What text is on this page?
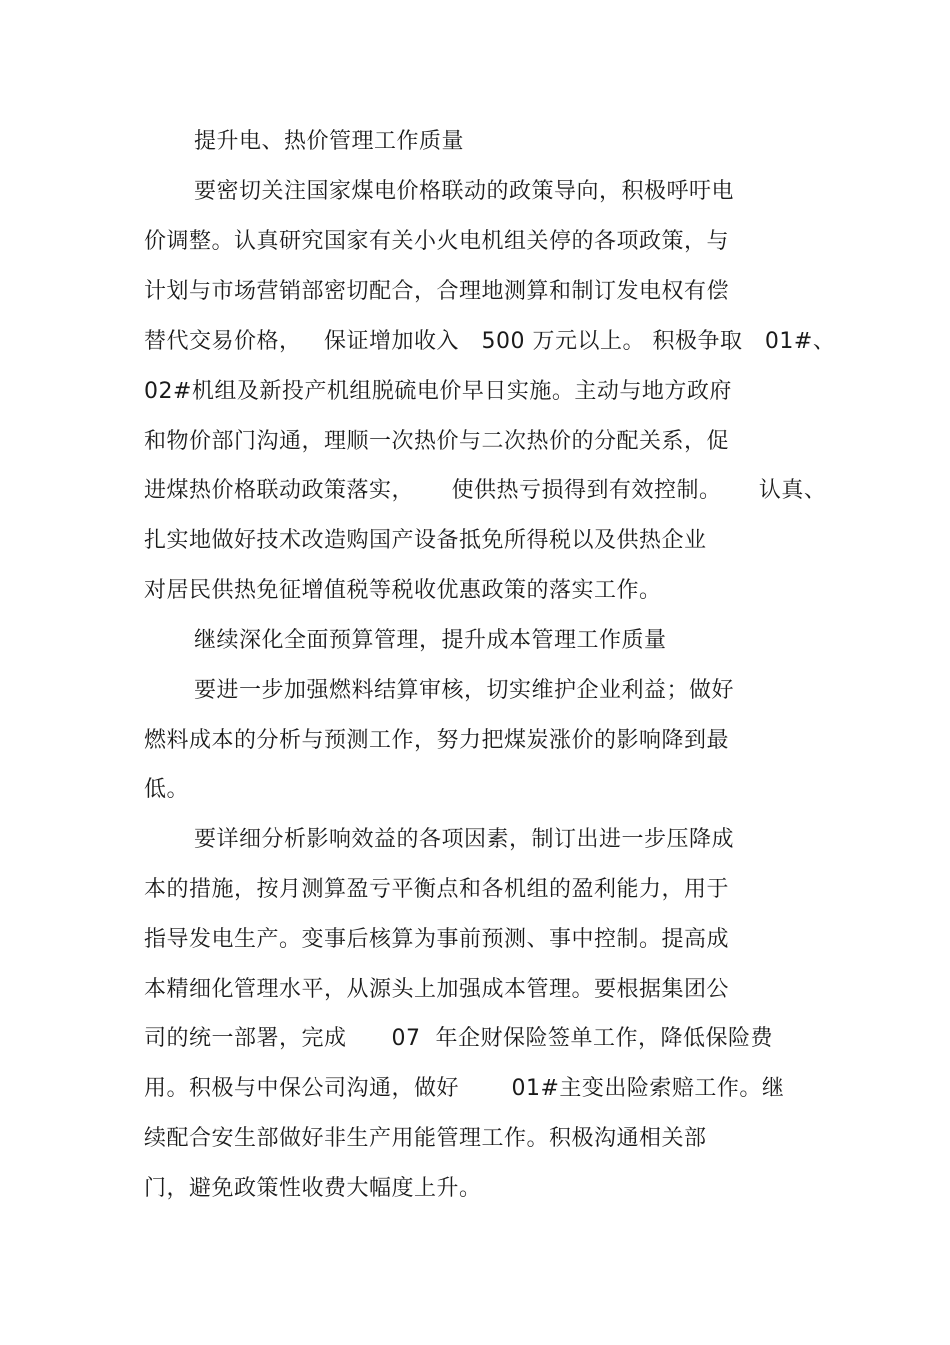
提升电、热价管理工作质量
要密切关注国家煤电价格联动的政策导向，积极呼吁电
价调整。认真研究国家有关小火电机组关停的各项政策，与
计划与市场营销部密切配合，合理地测算和制订发电权有偿
替代交易价格，   保证增加收入   500 万元以上。 积极争取   01#、
02#机组及新投产机组脱硫电价早日实施。主动与地方政府
和物价部门沟通，理顺一次热价与二次热价的分配关系，促
进煤热价格联动政策落实，     使供热亏损得到有效控制。     认真、
扎实地做好技术改造购国产设备抵免所得税以及供热企业
对居民供热免征增值税等税收优惠政策的落实工作。
继续深化全面预算管理，提升成本管理工作质量
要进一步加强燃料结算审核，切实维护企业利益；做好
燃料成本的分析与预测工作，努力把煤炭涨价的影响降到最
低。
要详细分析影响效益的各项因素，制订出进一步压降成
本的措施，按月测算盈亏平衡点和各机组的盈利能力，用于
指导发电生产。变事后核算为事前预测、事中控制。提高成
本精细化管理水平，从源头上加强成本管理。要根据集团公
司的统一部署，完成      07  年企财保险签单工作，降低保险费
用。积极与中保公司沟通，做好       01#主变出险索赔工作。继
续配合安生部做好非生产用能管理工作。积极沟通相关部
门，避免政策性收费大幅度上升。
